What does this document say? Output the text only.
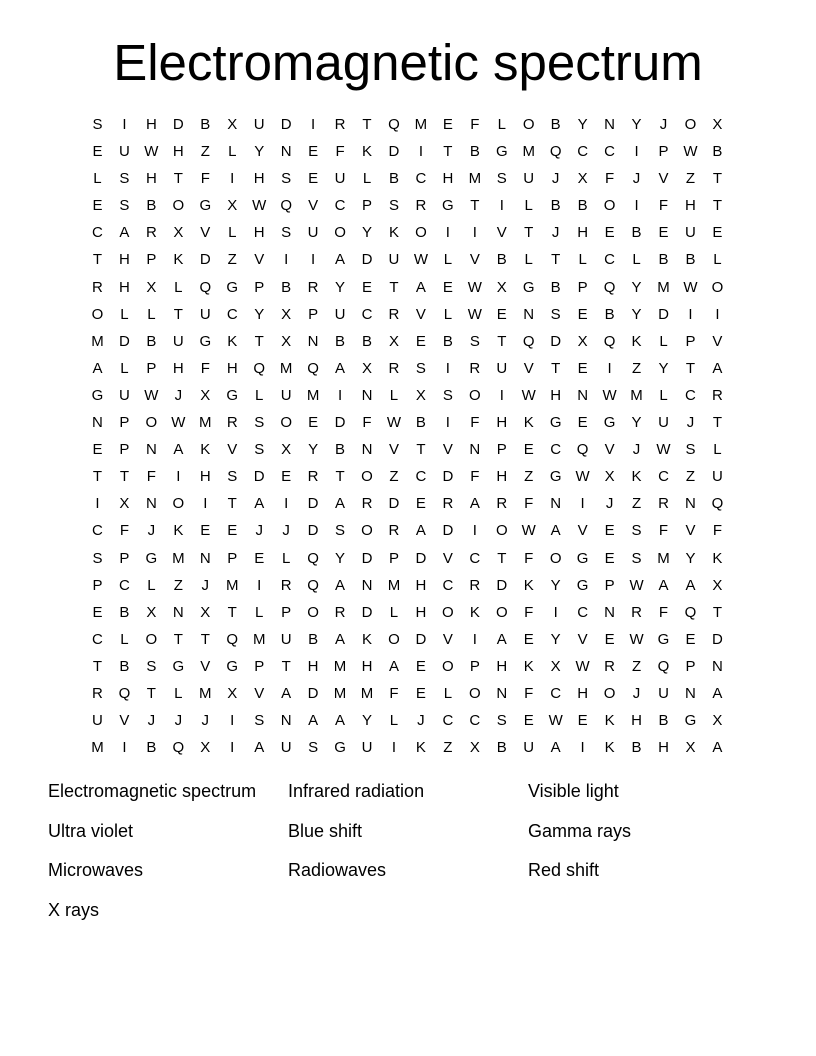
Electromagnetic spectrum
S	I	H	D	B	X	U	D	I	R	T	Q M	E	F	L	O	B	Y	N	Y	J	O	X
E	U W H	Z	L	Y	N	E	F	K	D	I	T	B	G M Q	C	C	I	P W B
L	S	H	T	F	I	H	S	E	U	L	B	C	H	M	S	U	J	X	F	J	V	Z	T
E	S	B	O	G	X W Q	V	C	P	S	R	G	T	I	L	B	B	O	I	F	H	T
C	A	R	X	V	L	H	S	U	O	Y	K	O	I	I	V	T	J	H	E	B	E	U	E
T	H	P	K	D	Z	V	I	I	A	D	U W	L	V	B	L	T	L	C	L	B	B	L
R	H	X	L	Q	G	P	B	R	Y	E	T	A	E W X	G	B	P	Q	Y	M W O
O	L	L	T	U	C	Y	X	P	U	C	R	V	L	W E	N	S	E	B	Y	D	I	I
M	D	B	U	G	K	T	X	N	B	B	X	E	B	S	T	Q	D	X	Q	K	L	P	V
A	L	P	H	F	H	Q M Q	A	X	R	S	I	R	U	V	T	E	I	Z	Y	T	A
G	U W	J	X	G	L	U	M	I	N	L	X	S	O	I	W H	N W M	L	C	R
N	P	O W M	R	S	O	E	D	F	W B	I	F	H	K	G	E	G	Y	U	J	T
E	P	N	A	K	V	S	X	Y	B	N	V	T	V	N	P	E	C	Q	V	J	W S	L
T	T	F	I	H	S	D	E	R	T	O	Z	C	D	F	H	Z	G W X	K	C	Z	U
I	X	N	O	I	T	A	I	D	A	R	D	E	R	A	R	F	N	I	J	Z	R	N	Q
C	F	J	K	E	E	J	J	D	S	O	R	A	D	I	O W A	V	E	S	F	V	F
S	P	G M	N	P	E	L	Q	Y	D	P	D	V	C	T	F	O	G	E	S	M	Y	K
P	C	L	Z	J	M	I	R	Q	A	N	M	H	C	R	D	K	Y	G	P W A	A	X
E	B	X	N	X	T	L	P	O	R	D	L	H	O	K	O	F	I	C	N	R	F	Q	T
C	L	O	T	T	Q M	U	B	A	K	O	D	V	I	A	E	Y	V	E W G	E	D
T	B	S	G	V	G	P	T	H	M	H	A	E	O	P	H	K	X W R	Z	Q	P	N
R	Q	T	L	M	X	V	A	D	M M	F	E	L	O	N	F	C	H	O	J	U	N	A
U	V	J	J	J	I	S	N	A	A	Y	L	J	C	C	S	E W E	K	H	B	G	X
M	I	B	Q	X	I	A	U	S	G	U	I	K	Z	X	B	U	A	I	K	B	H	X	A
Electromagnetic spectrum	Infrared radiation	Visible light
Ultra violet	Blue shift	Gamma rays
Microwaves	Radiowaves	Red shift
X rays
